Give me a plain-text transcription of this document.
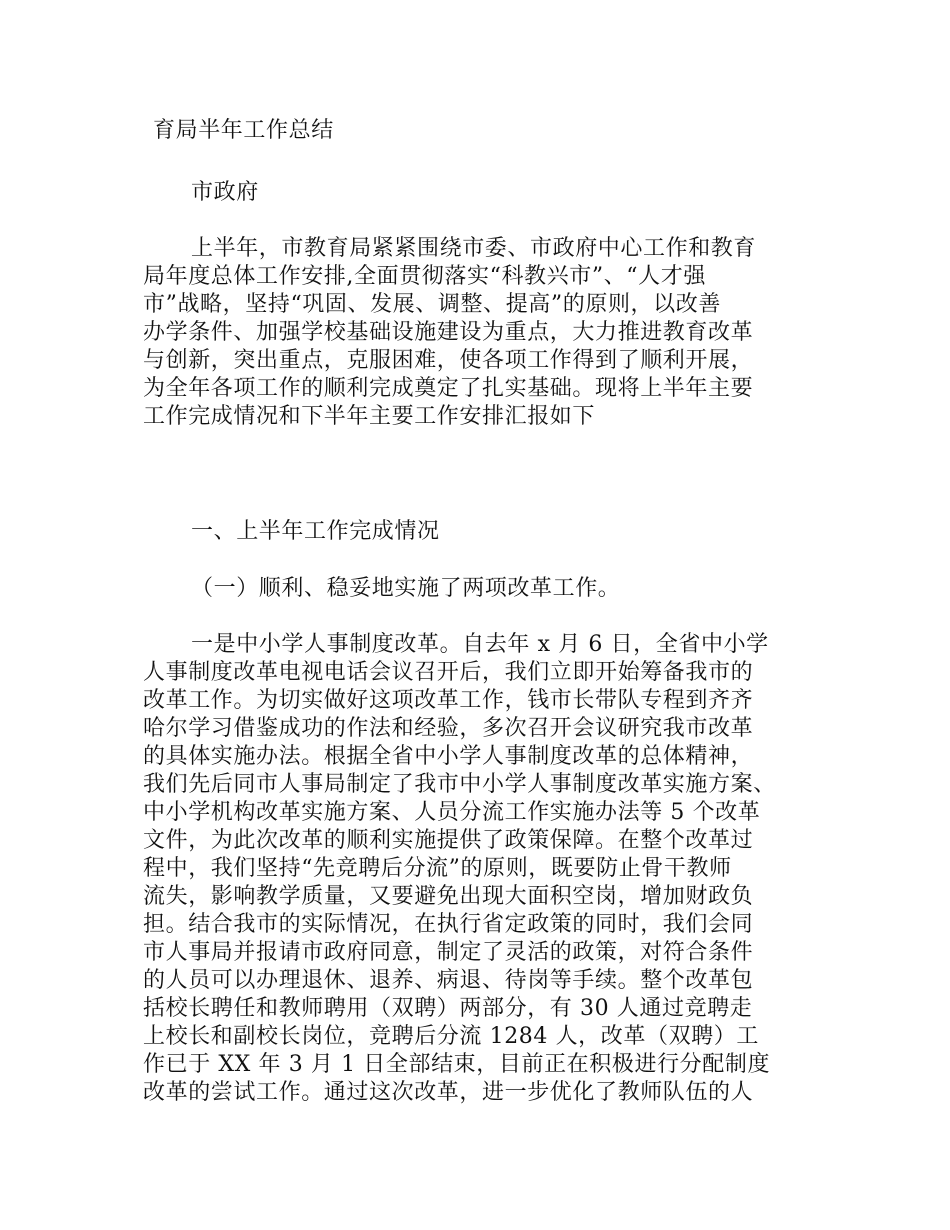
育局半年工作总结

市政府

上半年，市教育局紧紧围绕市委、市政府中心工作和教育

局年度总体工作安排,全面贯彻落实“科教兴市”、“人才强

市”战略，坚持“巩固、发展、调整、提高”的原则，以改善

办学条件、加强学校基础设施建设为重点，大力推进教育改革

与创新，突出重点，克服困难，使各项工作得到了顺利开展，

为全年各项工作的顺利完成奠定了扎实基础。现将上半年主要

工作完成情况和下半年主要工作安排汇报如下

一、上半年工作完成情况

（一）顺利、稳妥地实施了两项改革工作。

一是中小学人事制度改革。自去年 x 月 6 日，全省中小学

人事制度改革电视电话会议召开后，我们立即开始筹备我市的

改革工作。为切实做好这项改革工作，钱市长带队专程到齐齐

哈尔学习借鉴成功的作法和经验，多次召开会议研究我市改革

的具体实施办法。根据全省中小学人事制度改革的总体精神，

我们先后同市人事局制定了我市中小学人事制度改革实施方案、

中小学机构改革实施方案、人员分流工作实施办法等 5 个改革

文件，为此次改革的顺利实施提供了政策保障。在整个改革过

程中，我们坚持“先竞聘后分流”的原则，既要防止骨干教师

流失，影响教学质量，又要避免出现大面积空岗，增加财政负

担。结合我市的实际情况，在执行省定政策的同时，我们会同

市人事局并报请市政府同意，制定了灵活的政策，对符合条件

的人员可以办理退休、退养、病退、待岗等手续。整个改革包

括校长聘任和教师聘用（双聘）两部分，有 30 人通过竞聘走

上校长和副校长岗位，竞聘后分流 1284 人，改革（双聘）工

作已于 XX 年 3 月 1 日全部结束，目前正在积极进行分配制度

改革的尝试工作。通过这次改革，进一步优化了教师队伍的人
